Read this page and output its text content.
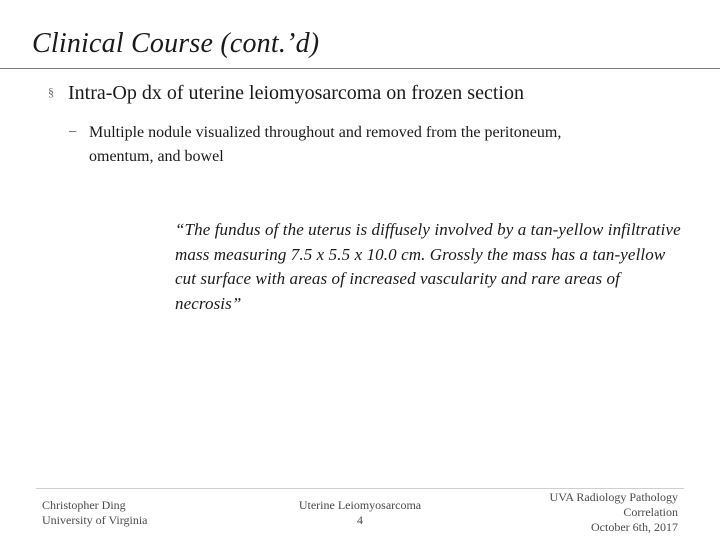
Clinical Course (cont.’d)
§ Intra-Op dx of uterine leiomyosarcoma on frozen section
− Multiple nodule visualized throughout and removed from the peritoneum, omentum, and bowel
“The fundus of the uterus is diffusely involved by a tan-yellow infiltrative mass measuring 7.5 x 5.5 x 10.0 cm. Grossly the mass has a tan-yellow cut surface with areas of increased vascularity and rare areas of necrosis”
Christopher Ding
University of Virginia
Uterine Leiomyosarcoma
4
UVA Radiology Pathology
Correlation
October 6th, 2017
